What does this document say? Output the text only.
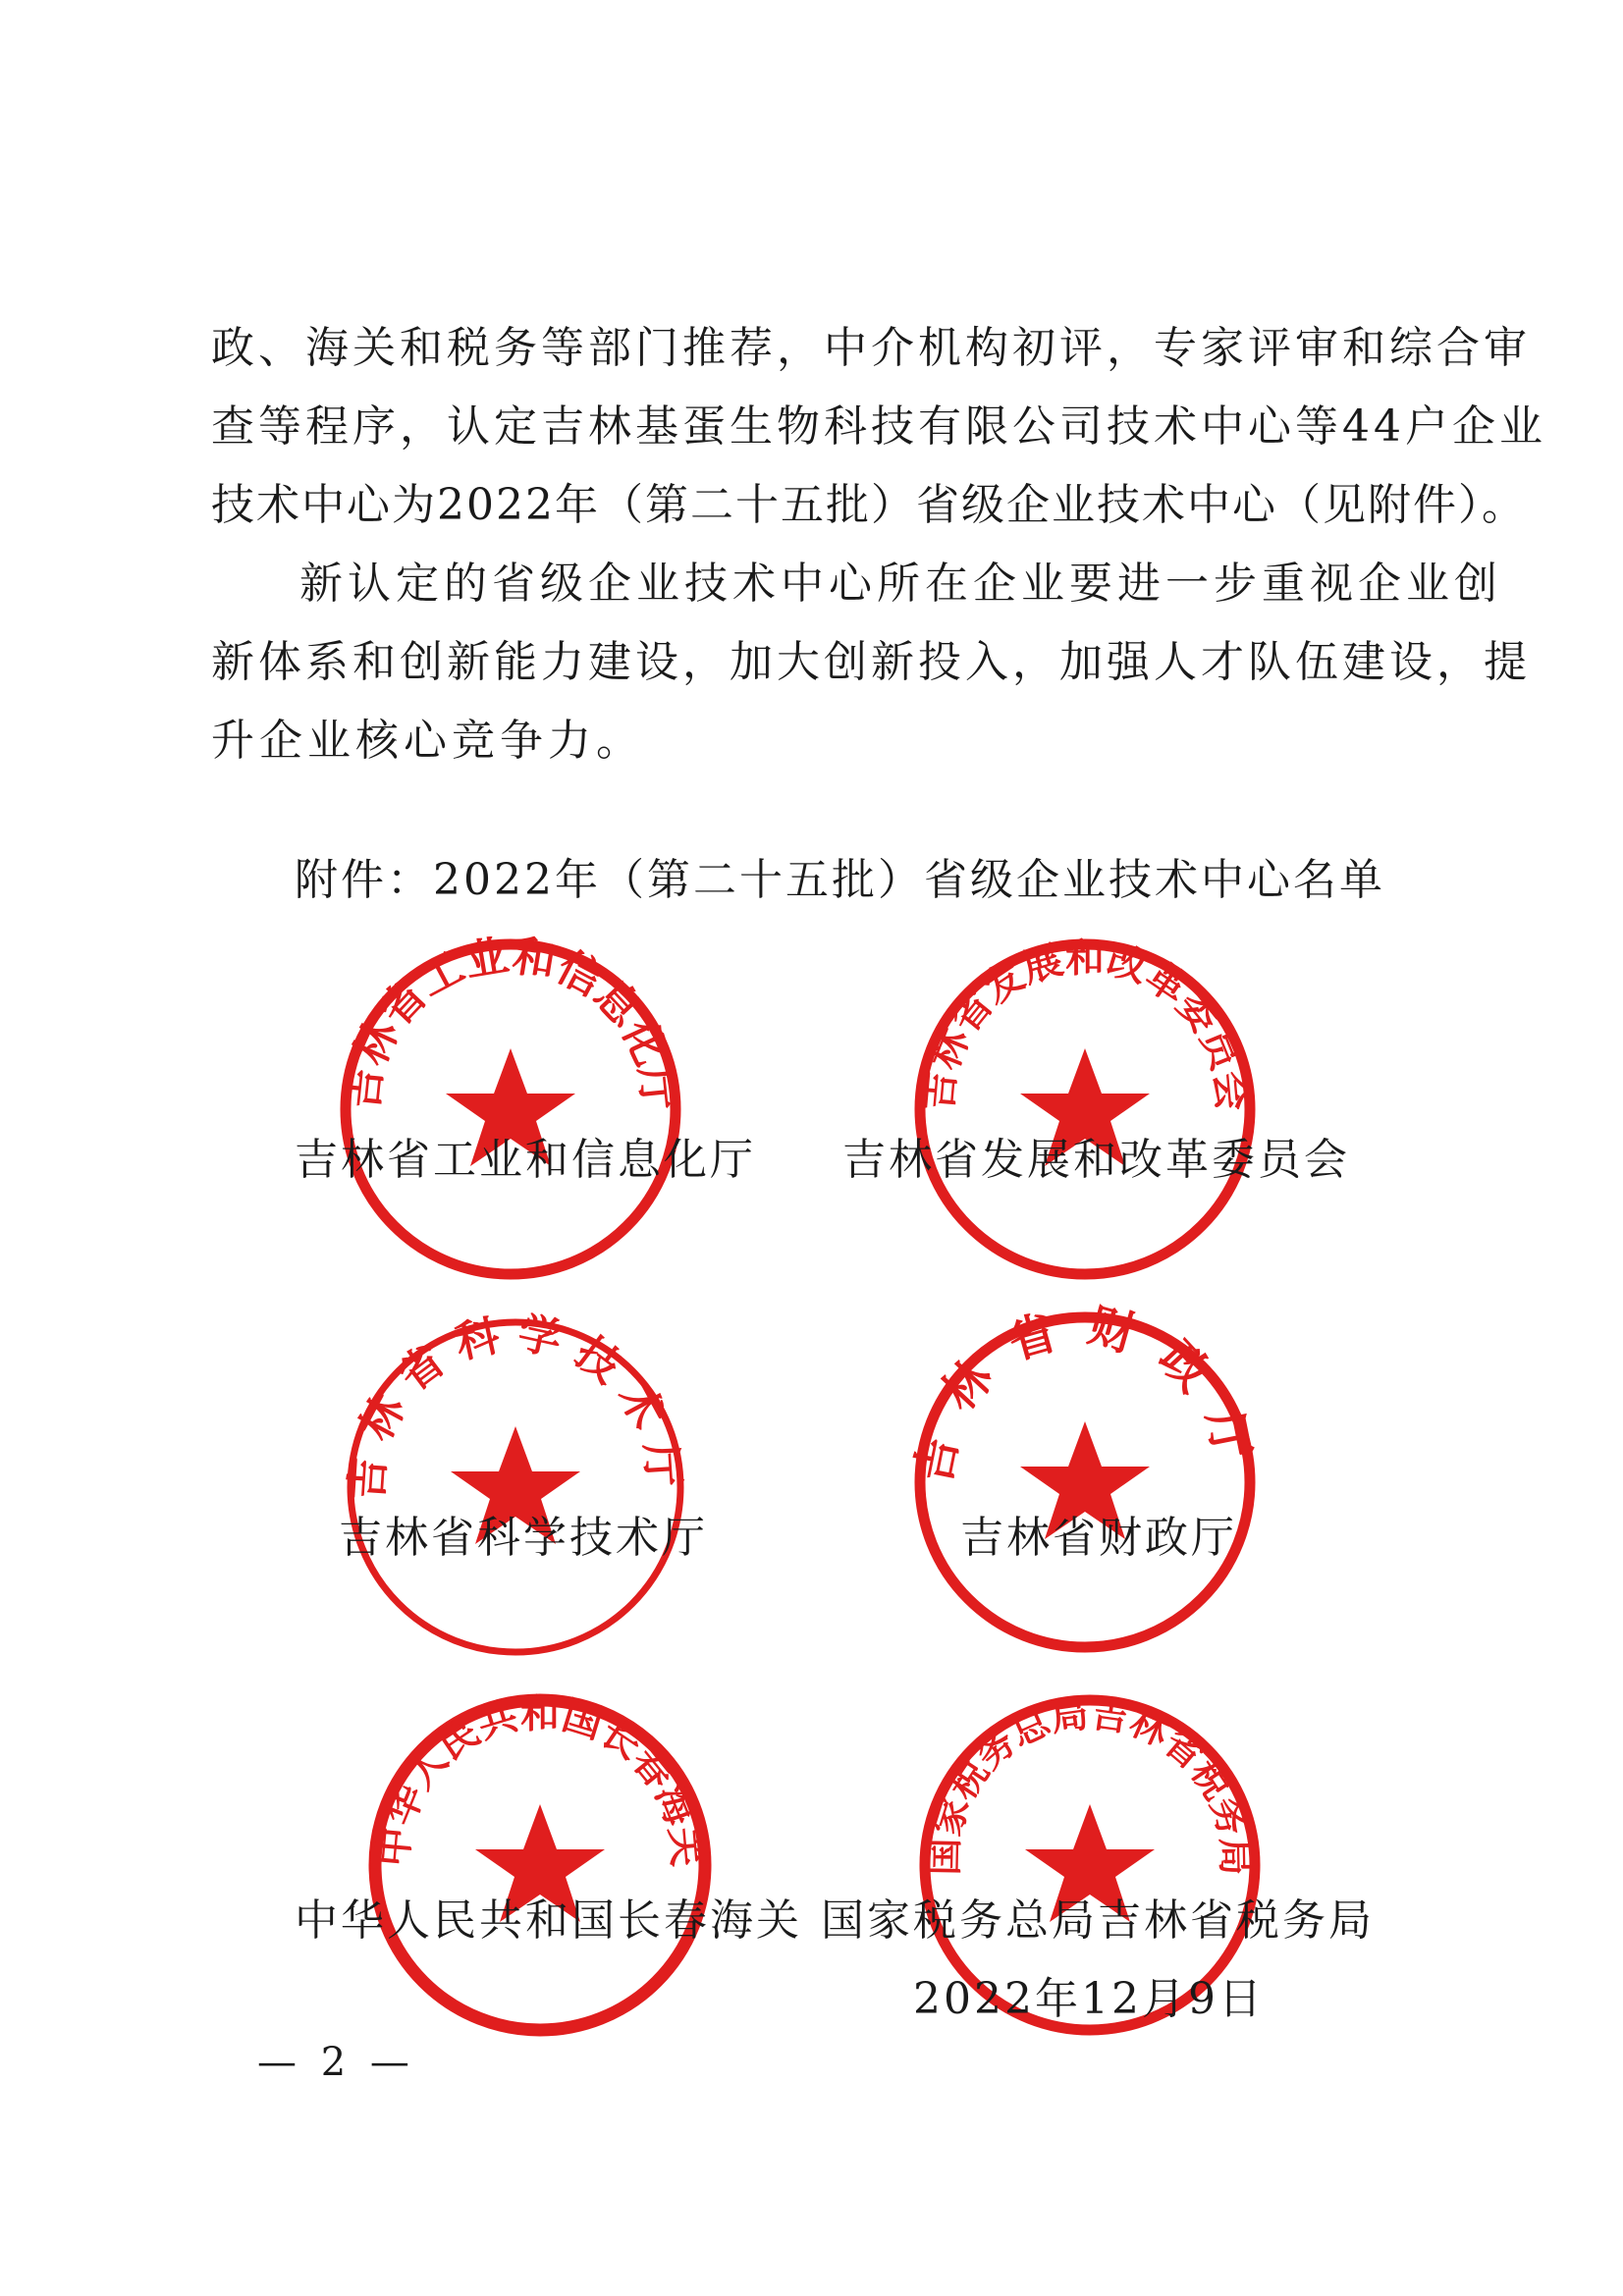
政、海关和税务等部门推荐，中介机构初评，专家评审和综合审
查等程序，认定吉林基蛋生物科技有限公司技术中心等44户企业
技术中心为2022年（第二十五批）省级企业技术中心（见附件）。
新认定的省级企业技术中心所在企业要进一步重视企业创
新体系和创新能力建设，加大创新投入，加强人才队伍建设，提
升企业核心竞争力。
附件：2022年（第二十五批）省级企业技术中心名单
吉林省工业和信息化厅	吉林省发展和改革委员会
吉林省科学技术厅	吉林省财政厅
中华人民共和国长春海关	国家税务总局吉林省税务局
吉林省工业和信息化厅 吉林省发展和改革委员会
吉林省科学技术厅	吉林省财政厅
中华人民共和国长春海关 国家税务总局吉林省税务局
2022年12月9日
— 2 —
